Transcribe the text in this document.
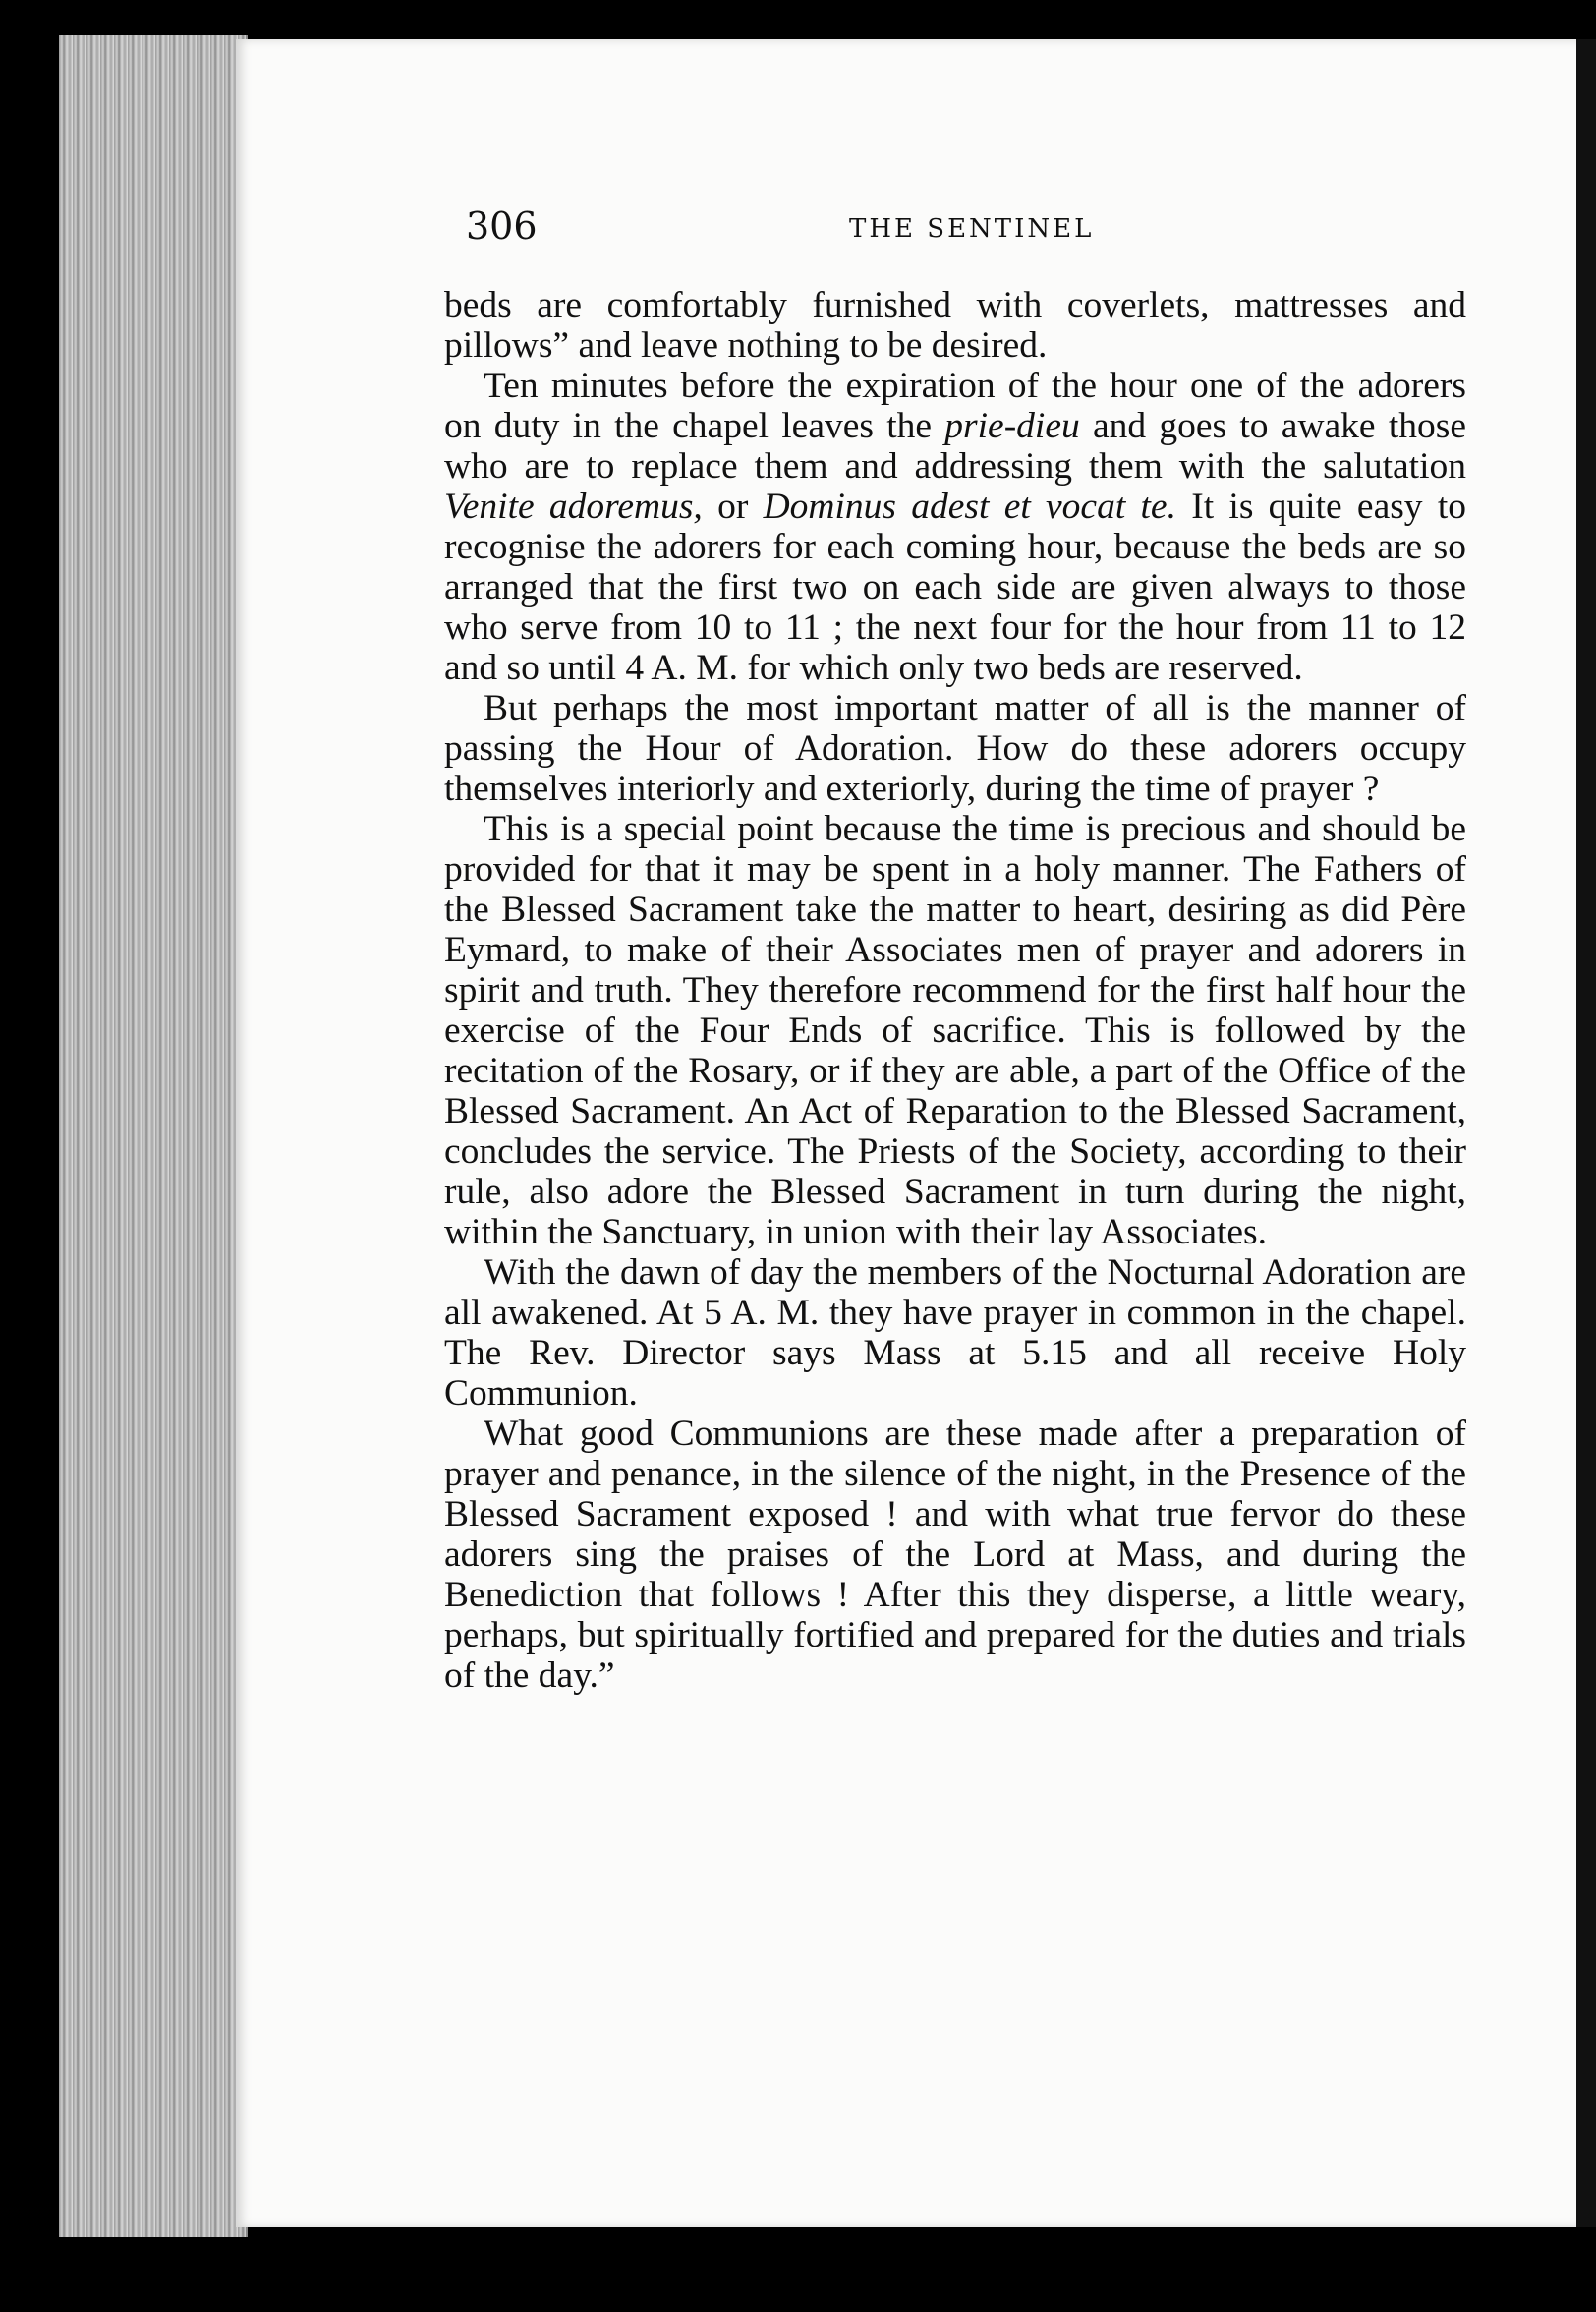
306	THE SENTINEL

beds are comfortably furnished with coverlets, mattresses and pillows” and leave nothing to be desired.

Ten minutes before the expiration of the hour one of the adorers on duty in the chapel leaves the prie-dieu and goes to awake those who are to replace them and addressing them with the salutation Venite adoremus, or Dominus adest et vocat te. It is quite easy to recognise the adorers for each coming hour, because the beds are so arranged that the first two on each side are given always to those who serve from 10 to 11 ; the next four for the hour from 11 to 12 and so until 4 A. M. for which only two beds are reserved.

But perhaps the most important matter of all is the manner of passing the Hour of Adoration. How do these adorers occupy themselves interiorly and exteriorly, during the time of prayer ?

This is a special point because the time is precious and should be provided for that it may be spent in a holy manner. The Fathers of the Blessed Sacrament take the matter to heart, desiring as did Père Eymard, to make of their Associates men of prayer and adorers in spirit and truth. They therefore recommend for the first half hour the exercise of the Four Ends of sacrifice. This is followed by the recitation of the Rosary, or if they are able, a part of the Office of the Blessed Sacrament. An Act of Reparation to the Blessed Sacrament, concludes the service. The Priests of the Society, according to their rule, also adore the Blessed Sacrament in turn during the night, within the Sanctuary, in union with their lay Associates.

With the dawn of day the members of the Nocturnal Adoration are all awakened. At 5 A. M. they have prayer in common in the chapel. The Rev. Director says Mass at 5.15 and all receive Holy Communion.

What good Communions are these made after a preparation of prayer and penance, in the silence of the night, in the Presence of the Blessed Sacrament exposed ! and with what true fervor do these adorers sing the praises of the Lord at Mass, and during the Benediction that follows ! After this they disperse, a little weary, perhaps, but spiritually fortified and prepared for the duties and trials of the day.”
